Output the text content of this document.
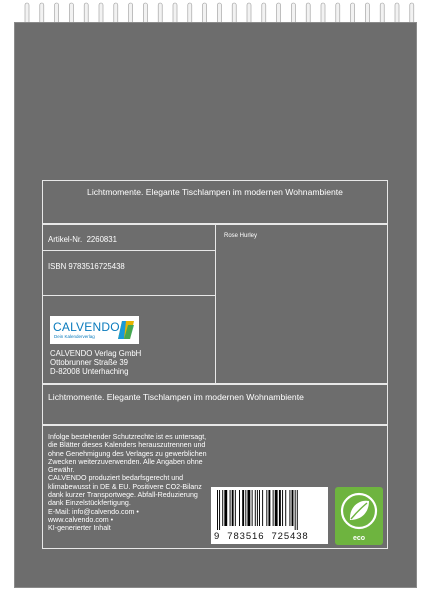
Lichtmomente. Elegante Tischlampen im modernen Wohnambiente
Artikel-Nr. 2260831	Rose Hurley
ISBN 9783516725438
CALVENDO
Dein Kalenderverlag
CALVENDO Verlag GmbH
Ottobrunner Straße 39
D-82008 Unterhaching
Lichtmomente. Elegante Tischlampen im modernen Wohnambiente
Infolge bestehender Schutzrechte ist es untersagt, die Blätter dieses Kalenders herauszutrennen und ohne Genehmigung des Verlages zu gewerblichen Zwecken weiterzuverwenden. Alle Angaben ohne Gewähr.
CALVENDO produziert bedarfsgerecht und klimabewusst in DE & EU. Positivere CO2-Bilanz dank kurzer Transportwege. Abfall-Reduzierung dank Einzelstückfertigung.
E-Mail: info@calvendo.com •
www.calvendo.com •
KI-generierter Inhalt
9 783516 725438	eco
